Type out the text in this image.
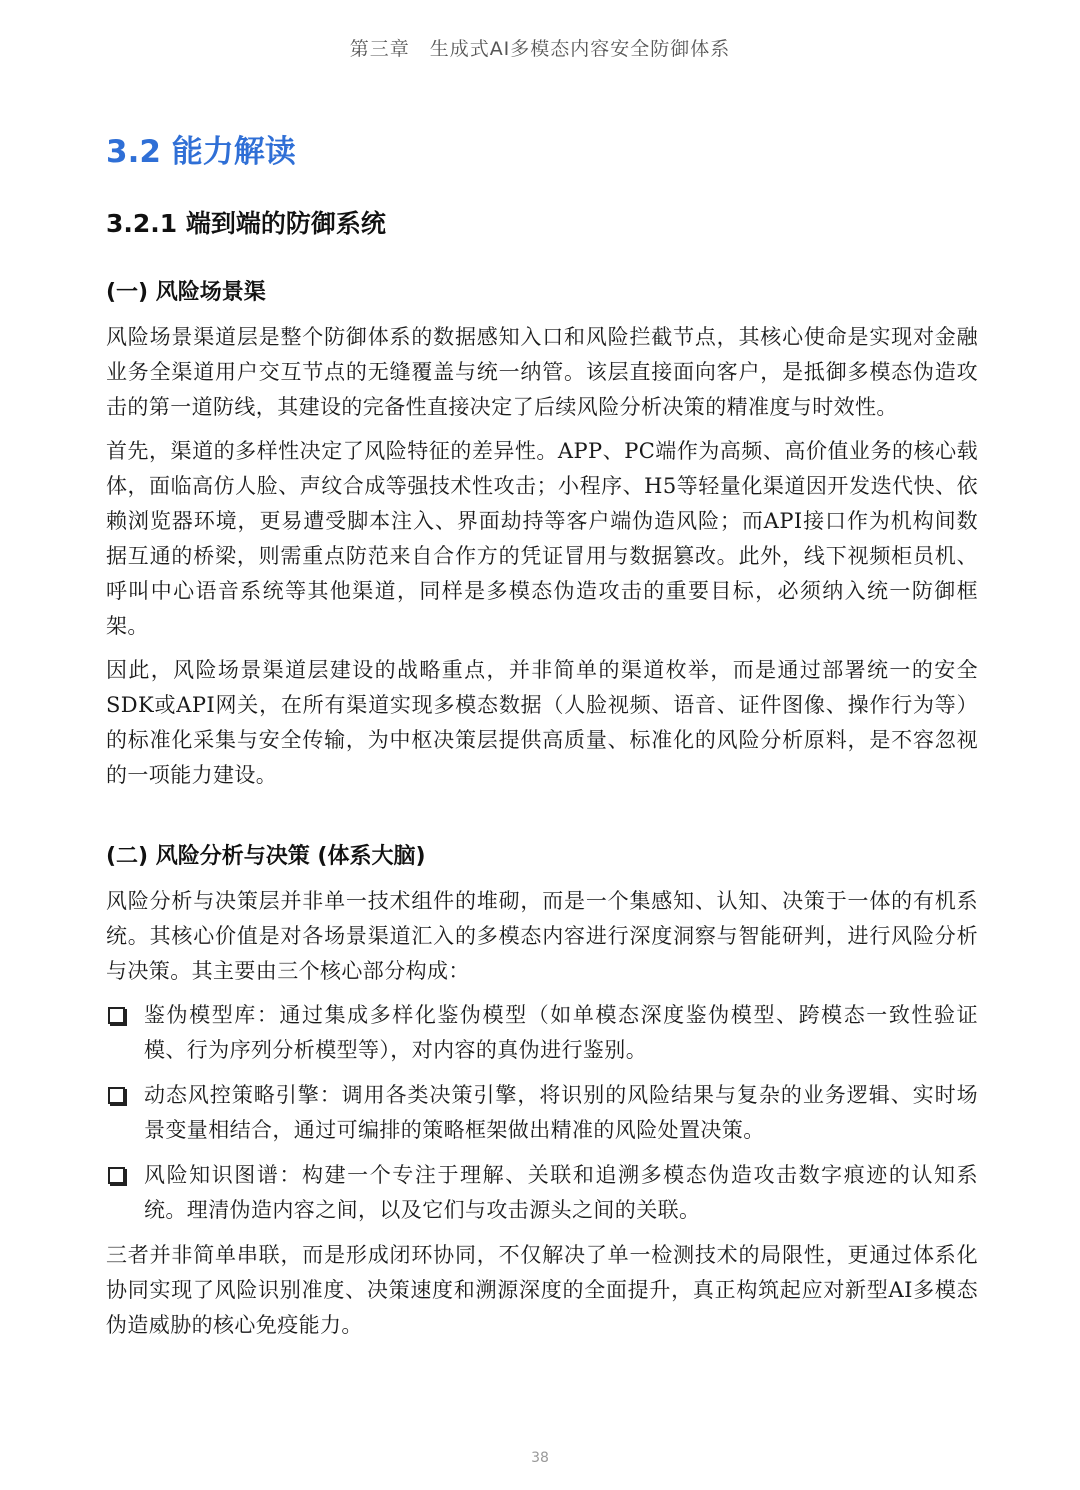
第三章　生成式AI多模态内容安全防御体系
3.2 能力解读
3.2.1 端到端的防御系统
(一) 风险场景渠

风险场景渠道层是整个防御体系的数据感知入口和风险拦截节点，其核心使命是实现对金融业务全渠道用户交互节点的无缝覆盖与统一纳管。该层直接面向客户，是抵御多模态伪造攻击的第一道防线，其建设的完备性直接决定了后续风险分析决策的精准度与时效性。

首先，渠道的多样性决定了风险特征的差异性。APP、PC端作为高频、高价值业务的核心载体，面临高仿人脸、声纹合成等强技术性攻击；小程序、H5等轻量化渠道因开发迭代快、依赖浏览器环境，更易遭受脚本注入、界面劫持等客户端伪造风险；而API接口作为机构间数据互通的桥梁，则需重点防范来自合作方的凭证冒用与数据篡改。此外，线下视频柜员机、呼叫中心语音系统等其他渠道，同样是多模态伪造攻击的重要目标，必须纳入统一防御框架。

因此，风险场景渠道层建设的战略重点，并非简单的渠道枚举，而是通过部署统一的安全SDK或API网关，在所有渠道实现多模态数据（人脸视频、语音、证件图像、操作行为等）的标准化采集与安全传输，为中枢决策层提供高质量、标准化的风险分析原料，是不容忽视的一项能力建设。

(二) 风险分析与决策 (体系大脑)

风险分析与决策层并非单一技术组件的堆砌，而是一个集感知、认知、决策于一体的有机系统。其核心价值是对各场景渠道汇入的多模态内容进行深度洞察与智能研判，进行风险分析与决策。其主要由三个核心部分构成：

鉴伪模型库：通过集成多样化鉴伪模型（如单模态深度鉴伪模型、跨模态一致性验证模、行为序列分析模型等），对内容的真伪进行鉴别。
动态风控策略引擎：调用各类决策引擎，将识别的风险结果与复杂的业务逻辑、实时场景变量相结合，通过可编排的策略框架做出精准的风险处置决策。
风险知识图谱：构建一个专注于理解、关联和追溯多模态伪造攻击数字痕迹的认知系统。理清伪造内容之间，以及它们与攻击源头之间的关联。

三者并非简单串联，而是形成闭环协同，不仅解决了单一检测技术的局限性，更通过体系化协同实现了风险识别准度、决策速度和溯源深度的全面提升，真正构筑起应对新型AI多模态伪造威胁的核心免疫能力。

38
